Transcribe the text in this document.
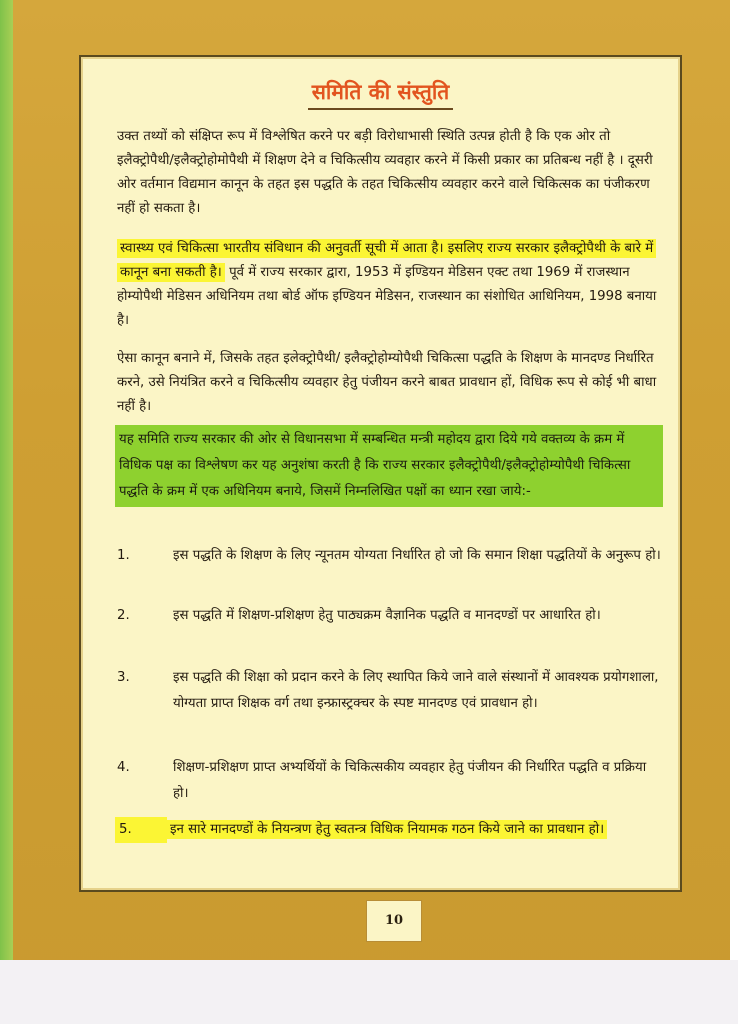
समिति की संस्तुति

उक्त तथ्यों को संक्षिप्त रूप में विश्लेषित करने पर बड़ी विरोधाभासी स्थिति उत्पन्न होती है कि एक ओर तो इलैक्ट्रोपैथी/इलैक्ट्रोहोमोपैथी में शिक्षण देने व चिकित्सीय व्यवहार करने में किसी प्रकार का प्रतिबन्ध नहीं है । दूसरी ओर वर्तमान विद्यमान कानून के तहत इस पद्धति के तहत चिकित्सीय व्यवहार करने वाले चिकित्सक का पंजीकरण नहीं हो सकता है।

स्वास्थ्य एवं चिकित्सा भारतीय संविधान की अनुवर्ती सूची में आता है। इसलिए राज्य सरकार इलैक्ट्रोपैथी के बारे में कानून बना सकती है। पूर्व में राज्य सरकार द्वारा, 1953 में इण्डियन मेडिसन एक्ट तथा 1969 में राजस्थान होम्योपैथी मेडिसन अधिनियम तथा बोर्ड ऑफ इण्डियन मेडिसन, राजस्थान का संशोधित आधिनियम, 1998 बनाया है।

ऐसा कानून बनाने में, जिसके तहत इलेक्ट्रोपैथी/ इलैक्ट्रोहोम्योपैथी चिकित्सा पद्धति के शिक्षण के मानदण्ड निर्धारित करने, उसे नियंत्रित करने व चिकित्सीय व्यवहार हेतु पंजीयन करने बाबत प्रावधान हों, विधिक रूप से कोई भी बाधा नहीं है।

यह समिति राज्य सरकार की ओर से विधानसभा में सम्बन्धित मन्त्री महोदय द्वारा दिये गये वक्तव्य के क्रम में विधिक पक्ष का विश्लेषण कर यह अनुशंषा करती है कि राज्य सरकार इलैक्ट्रोपैथी/इलैक्ट्रोहोम्योपैथी चिकित्सा पद्धति के क्रम में एक अधिनियम बनाये, जिसमें निम्नलिखित पक्षों का ध्यान रखा जाये:-
1.	इस पद्धति के शिक्षण के लिए न्यूनतम योग्यता निर्धारित हो जो कि समान शिक्षा पद्धतियों के अनुरूप हो।
2.	इस पद्धति में शिक्षण-प्रशिक्षण हेतु पाठ्यक्रम वैज्ञानिक पद्धति व मानदण्डों पर आधारित हो।
3.	इस पद्धति की शिक्षा को प्रदान करने के लिए स्थापित किये जाने वाले संस्थानों में आवश्यक प्रयोगशाला, योग्यता प्राप्त शिक्षक वर्ग तथा इन्फ्रास्ट्रक्चर के स्पष्ट मानदण्ड एवं प्रावधान हो।
4.	शिक्षण-प्रशिक्षण प्राप्त अभ्यर्थियों के चिकित्सकीय व्यवहार हेतु पंजीयन की निर्धारित पद्धति व प्रक्रिया हो।
5.	इन सारे मानदण्डों के नियन्त्रण हेतु स्वतन्त्र विधिक नियामक गठन किये जाने का प्रावधान हो।
10
